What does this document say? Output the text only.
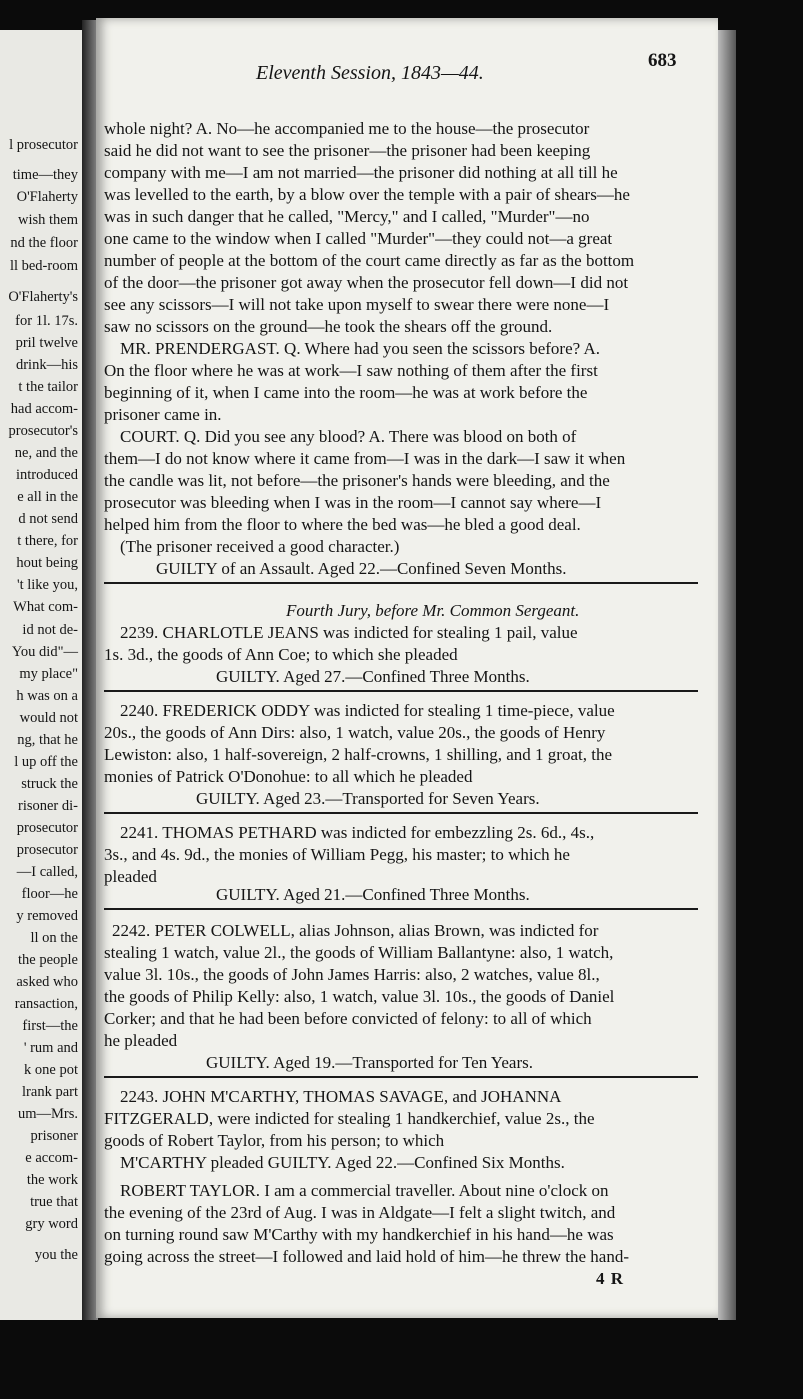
l prosecutor
time—they
O'Flaherty
wish them
nd the floor
ll bed-room
O'Flaherty's
for 1l. 17s.
pril twelve
drink—his
t the tailor
had accom-
prosecutor's
ne, and the
introduced
e all in the
d not send
t there, for
hout being
't like you,
What com-
id not de-
You did"—
my place"
h was on a
would not
ng, that he
l up off the
struck the
risoner di-
prosecutor
prosecutor
—I called,
floor—he
y removed
ll on the
the people
asked who
ransaction,
first—the
' rum and
k one pot
lrank part
um—Mrs.
prisoner
e accom-
the work
true that
gry word
you the
Eleventh Session, 1843—44.
683
whole night? A. No—he accompanied me to the house—the prosecutor
said he did not want to see the prisoner—the prisoner had been keeping
company with me—I am not married—the prisoner did nothing at all till he
was levelled to the earth, by a blow over the temple with a pair of shears—he
was in such danger that he called, "Mercy," and I called, "Murder"—no
one came to the window when I called "Murder"—they could not—a great
number of people at the bottom of the court came directly as far as the bottom
of the door—the prisoner got away when the prosecutor fell down—I did not
see any scissors—I will not take upon myself to swear there were none—I
saw no scissors on the ground—he took the shears off the ground.
MR. PRENDERGAST. Q. Where had you seen the scissors before? A.
On the floor where he was at work—I saw nothing of them after the first
beginning of it, when I came into the room—he was at work before the
prisoner came in.
COURT. Q. Did you see any blood? A. There was blood on both of
them—I do not know where it came from—I was in the dark—I saw it when
the candle was lit, not before—the prisoner's hands were bleeding, and the
prosecutor was bleeding when I was in the room—I cannot say where—I
helped him from the floor to where the bed was—he bled a good deal.
(The prisoner received a good character.)
GUILTY of an Assault. Aged 22.—Confined Seven Months.
Fourth Jury, before Mr. Common Sergeant.
2239. CHARLOTLE JEANS was indicted for stealing 1 pail, value
1s. 3d., the goods of Ann Coe; to which she pleaded
GUILTY. Aged 27.—Confined Three Months.
2240. FREDERICK ODDY was indicted for stealing 1 time-piece, value
20s., the goods of Ann Dirs: also, 1 watch, value 20s., the goods of Henry
Lewiston: also, 1 half-sovereign, 2 half-crowns, 1 shilling, and 1 groat, the
monies of Patrick O'Donohue: to all which he pleaded
GUILTY. Aged 23.—Transported for Seven Years.
2241. THOMAS PETHARD was indicted for embezzling 2s. 6d., 4s.,
3s., and 4s. 9d., the monies of William Pegg, his master; to which he
pleaded
GUILTY. Aged 21.—Confined Three Months.
2242. PETER COLWELL, alias Johnson, alias Brown, was indicted for
stealing 1 watch, value 2l., the goods of William Ballantyne: also, 1 watch,
value 3l. 10s., the goods of John James Harris: also, 2 watches, value 8l.,
the goods of Philip Kelly: also, 1 watch, value 3l. 10s., the goods of Daniel
Corker; and that he had been before convicted of felony: to all of which
he pleaded
GUILTY. Aged 19.—Transported for Ten Years.
2243. JOHN M'CARTHY, THOMAS SAVAGE, and JOHANNA
FITZGERALD, were indicted for stealing 1 handkerchief, value 2s., the
goods of Robert Taylor, from his person; to which
M'CARTHY pleaded GUILTY. Aged 22.—Confined Six Months.
ROBERT TAYLOR. I am a commercial traveller. About nine o'clock on
the evening of the 23rd of Aug. I was in Aldgate—I felt a slight twitch, and
on turning round saw M'Carthy with my handkerchief in his hand—he was
going across the street—I followed and laid hold of him—he threw the hand-
4 R
